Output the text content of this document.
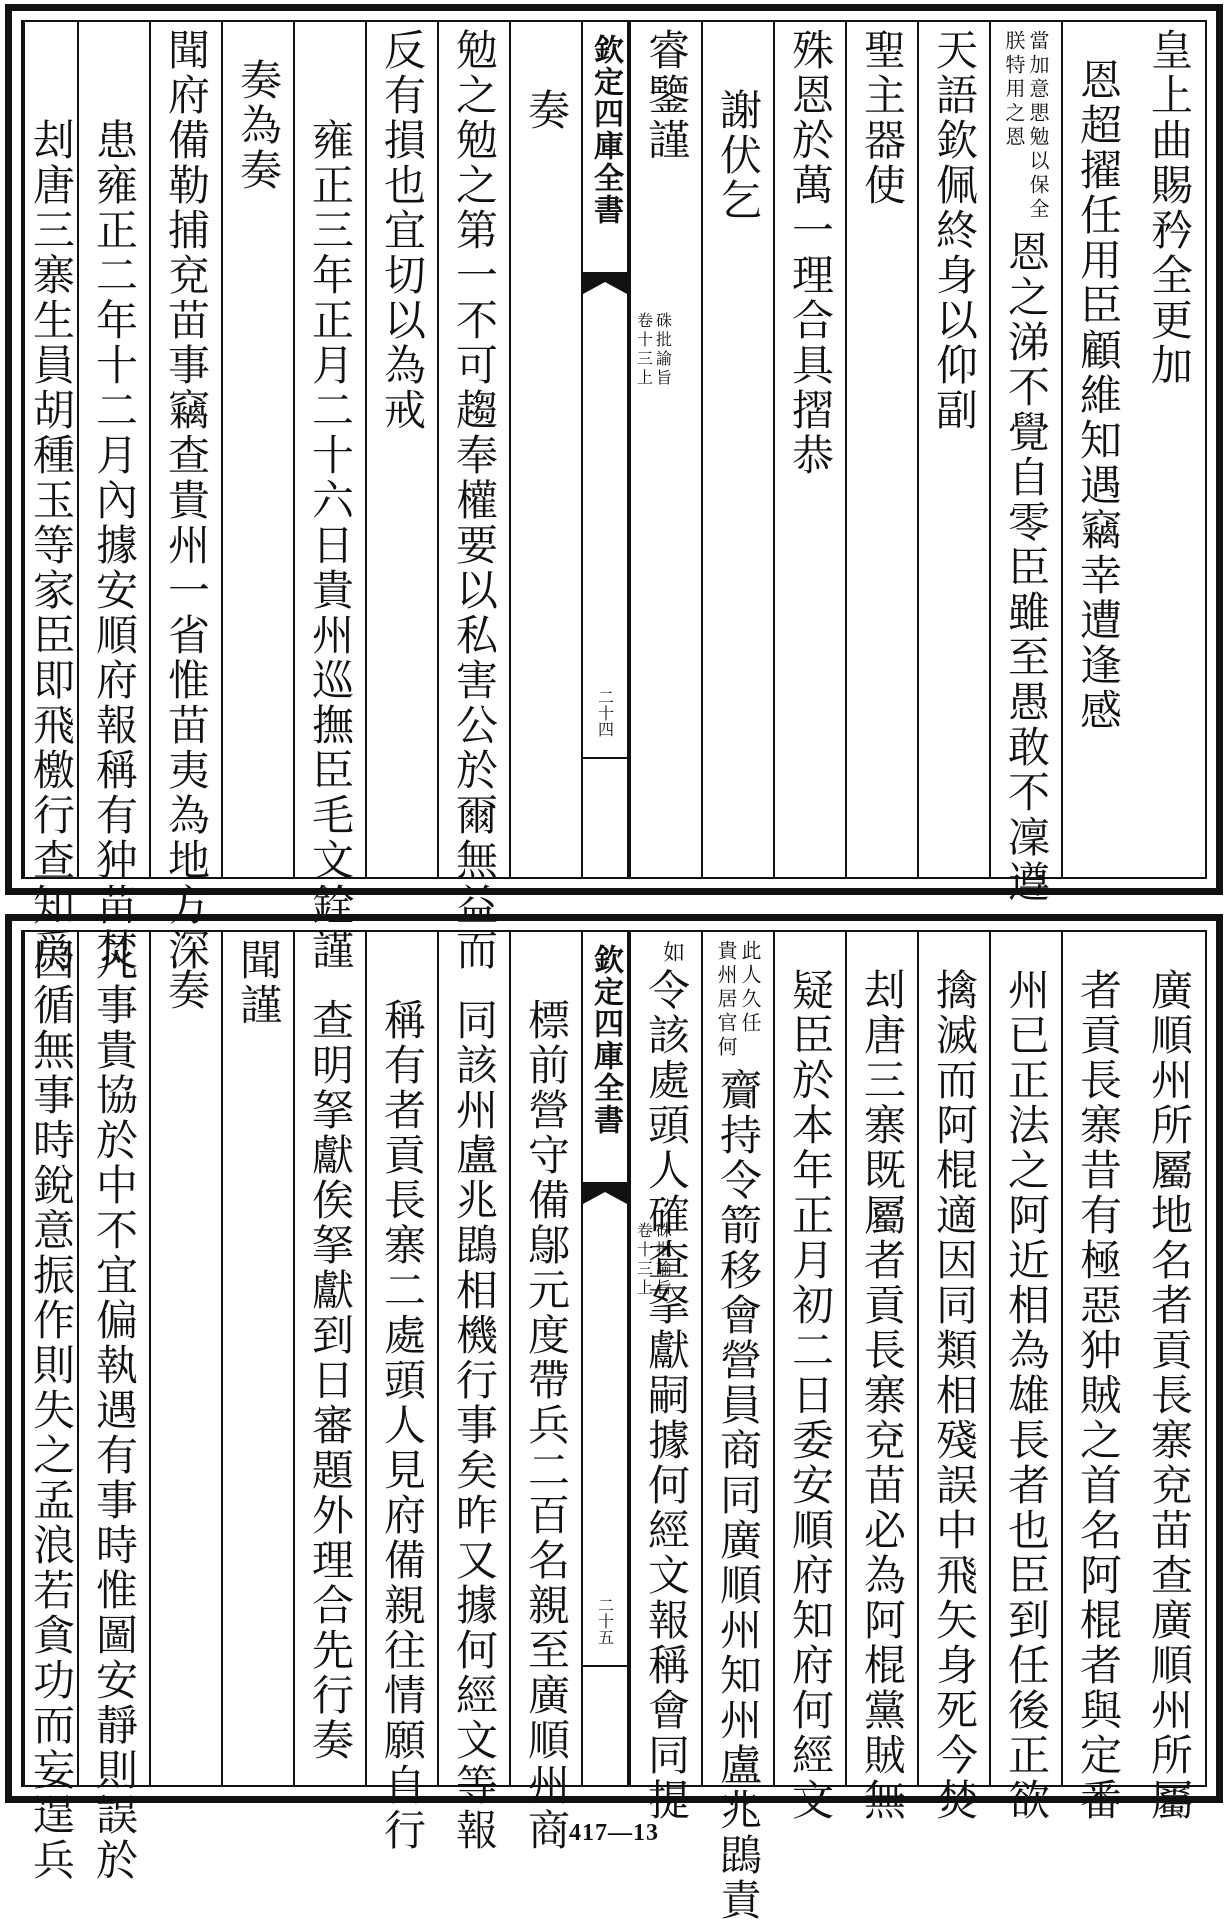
皇上曲賜矜全更加
恩超擢任用臣顧維知遇竊幸遭逢感
恩之涕不覺自零臣雖至愚敢不凜遵
當加意愳勉以保全
朕特用之恩
天語欽佩終身以仰副
聖主器使
殊恩於萬一理合具摺恭
謝伏乞
睿鑒謹
欽定四庫全書
硃批諭旨
卷十三上
二十四
奏
勉之勉之第一不可趨奉權要以私害公於爾無益而
反有損也宜切以為戒
雍正三年正月二十六日貴州巡撫臣毛文銓謹
奏為奏
聞府備勒捕兗苗事竊查貴州一省惟苗夷為地方深
患雍正二年十二月內據安順府報稱有狆苗焚
刦唐三寨生員胡種玉等家臣即飛檄行查知爲
廣順州所屬地名者貢長寨兗苗查廣順州所屬
者貢長寨昔有極惡狆賊之首名阿棍者與定番
州已正法之阿近相為雄長者也臣到任後正欲
擒滅而阿棍適因同類相殘誤中飛矢身死今焚
刦唐三寨既屬者貢長寨兗苗必為阿棍黨賊無
疑臣於本年正月初二日委安順府知府何經文
齎持令箭移會營員商同廣順州知州盧兆鵾責
此人久任
貴州居官何
令該處頭人確查拏獻嗣據何經文報稱會同提
欽定四庫全書
硃批諭旨
卷十三上
二十五
如
標前營守備鄔元度帶兵二百名親至廣順州商
同該州盧兆鵾相機行事矣昨又據何經文等報
稱有者貢長寨二處頭人見府備親往情願自行
查明拏獻俟拏獻到日審題外理合先行奏
聞謹
奏
凡事貴協於中不宜偏執遇有事時惟圖安靜則誤於
因循無事時銳意振作則失之孟浪若貪功而妄逞兵	417—13
